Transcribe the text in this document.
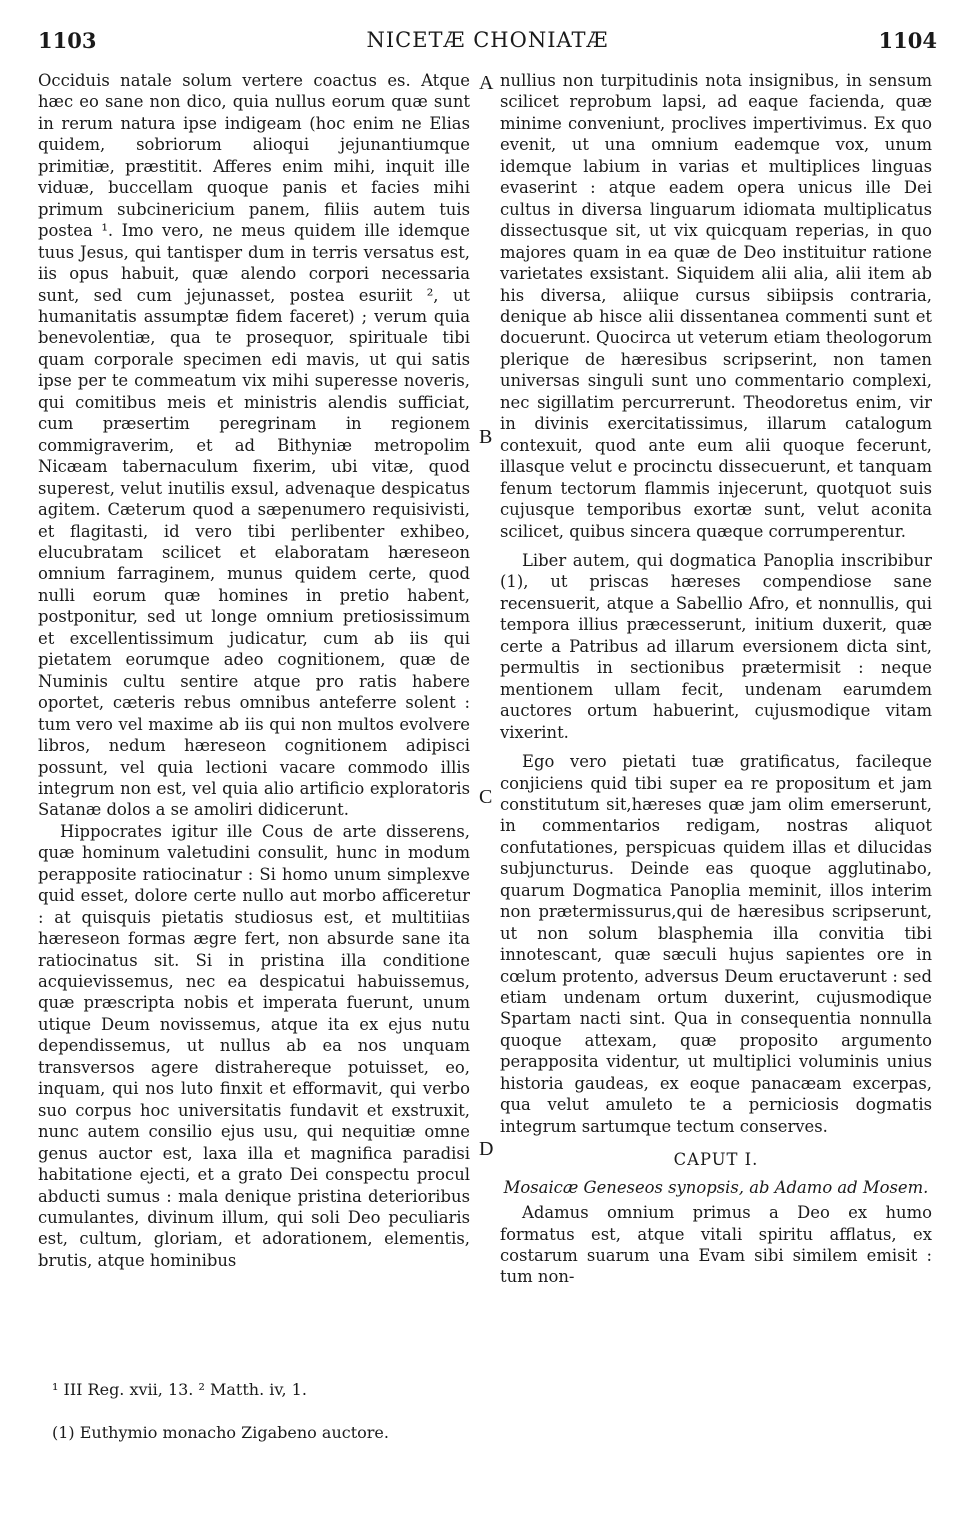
1103	NICETÆ CHONIATÆ	1104

Occiduis natale solum vertere coactus es. Atque hæc eo sane non dico, quia nullus eorum quæ sunt in rerum natura ipse indigeam (hoc enim ne Elias quidem, sobriorum alioqui jejunantiumque primitiæ, præstitit. Afferes enim mihi, inquit ille viduæ, buccellam quoque panis et facies mihi primum subcinericium panem, filiis autem tuis postea ¹. Imo vero, ne meus quidem ille idemque tuus Jesus, qui tantisper dum in terris versatus est, iis opus habuit, quæ alendo corpori necessaria sunt, sed cum jejunasset, postea esuriit ², ut humanitatis assumptæ fidem faceret) ; verum quia benevolentiæ, qua te prosequor, spirituale tibi quam corporale specimen edi mavis, ut qui satis ipse per te commeatum vix mihi superesse noveris, qui comitibus meis et ministris alendis sufficiat, cum præsertim peregrinam in regionem commigraverim, et ad Bithyniæ metropolim Nicæam tabernaculum fixerim, ubi vitæ, quod superest, velut inutilis exsul, advenaque despicatus agitem. Cæterum quod a sæpenumero requisivisti, et flagitasti, id vero tibi perlibenter exhibeo, elucubratam scilicet et elaboratam hæreseon omnium farraginem, munus quidem certe, quod nulli eorum quæ homines in pretio habent, postponitur, sed ut longe omnium pretiosissimum et excellentissimum judicatur, cum ab iis qui pietatem eorumque adeo cognitionem, quæ de Numinis cultu sentire atque pro ratis habere oportet, cæteris rebus omnibus anteferre solent : tum vero vel maxime ab iis qui non multos evolvere libros, nedum hæreseon cognitionem adipisci possunt, vel quia lectioni vacare commodo illis integrum non est, vel quia alio artificio exploratoris Satanæ dolos a se amoliri didicerunt.

Hippocrates igitur ille Cous de arte disserens, quæ hominum valetudini consulit, hunc in modum perapposite ratiocinatur : Si homo unum simplexve quid esset, dolore certe nullo aut morbo afficeretur : at quisquis pietatis studiosus est, et multitiias hæreseon formas ægre fert, non absurde sane ita ratiocinatus sit. Si in pristina illa conditione acquievissemus, nec ea despicatui habuissemus, quæ præscripta nobis et imperata fuerunt, unum utique Deum novissemus, atque ita ex ejus nutu dependissemus, ut nullus ab ea nos unquam transversos agere distrahereque potuisset, eo, inquam, qui nos luto finxit et efformavit, qui verbo suo corpus hoc universitatis fundavit et exstruxit, nunc autem consilio ejus usu, qui nequitiæ omne genus auctor est, laxa illa et magnifica paradisi habitatione ejecti, et a grato Dei conspectu procul abducti sumus : mala denique pristina deterioribus cumulantes, divinum illum, qui soli Deo peculiaris est, cultum, gloriam, et adorationem, elementis, brutis, atque hominibus

A
B
C
D

nullius non turpitudinis nota insignibus, in sensum scilicet reprobum lapsi, ad eaque facienda, quæ minime conveniunt, proclives impertivimus. Ex quo evenit, ut una omnium eademque vox, unum idemque labium in varias et multiplices linguas evaserint : atque eadem opera unicus ille Dei cultus in diversa linguarum idiomata multiplicatus dissectusque sit, ut vix quicquam reperias, in quo majores quam in ea quæ de Deo instituitur ratione varietates exsistant. Siquidem alii alia, alii item ab his diversa, aliique cursus sibiipsis contraria, denique ab hisce alii dissentanea commenti sunt et docuerunt. Quocirca ut veterum etiam theologorum plerique de hæresibus scripserint, non tamen universas singuli sunt uno commentario complexi, nec sigillatim percurrerunt. Theodoretus enim, vir in divinis exercitatissimus, illarum catalogum contexuit, quod ante eum alii quoque fecerunt, illasque velut e procinctu dissecuerunt, et tanquam fenum tectorum flammis injecerunt, quotquot suis cujusque temporibus exortæ sunt, velut aconita scilicet, quibus sincera quæque corrumperentur.

Liber autem, qui dogmatica Panoplia inscribibur (1), ut priscas hæreses compendiose sane recensuerit, atque a Sabellio Afro, et nonnullis, qui tempora illius præcesserunt, initium duxerit, quæ certe a Patribus ad illarum eversionem dicta sint, permultis in sectionibus prætermisit : neque mentionem ullam fecit, undenam earumdem auctores ortum habuerint, cujusmodique vitam vixerint.

Ego vero pietati tuæ gratificatus, facileque conjiciens quid tibi super ea re propositum et jam constitutum sit,hæreses quæ jam olim emerserunt, in commentarios redigam, nostras aliquot confutationes, perspicuas quidem illas et dilucidas subjuncturus. Deinde eas quoque agglutinabo, quarum Dogmatica Panoplia meminit, illos interim non prætermissurus,qui de hæresibus scripserunt, ut non solum blasphemia illa convitia tibi innotescant, quæ sæculi hujus sapientes ore in cœlum protento, adversus Deum eructaverunt : sed etiam undenam ortum duxerint, cujusmodique Spartam nacti sint. Qua in consequentia nonnulla quoque attexam, quæ proposito argumento perapposita videntur, ut multiplici voluminis unius historia gaudeas, ex eoque panacæam excerpas, qua velut amuleto te a perniciosis dogmatis integrum sartumque tectum conserves.

CAPUT I.
Mosaicæ Geneseos synopsis, ab Adamo ad Mosem.

Adamus omnium primus a Deo ex humo formatus est, atque vitali spiritu afflatus, ex costarum suarum una Evam sibi similem emisit : tum non-

¹ III Reg. xvii, 13. ² Matth. iv, 1.
(1) Euthymio monacho Zigabeno auctore.
